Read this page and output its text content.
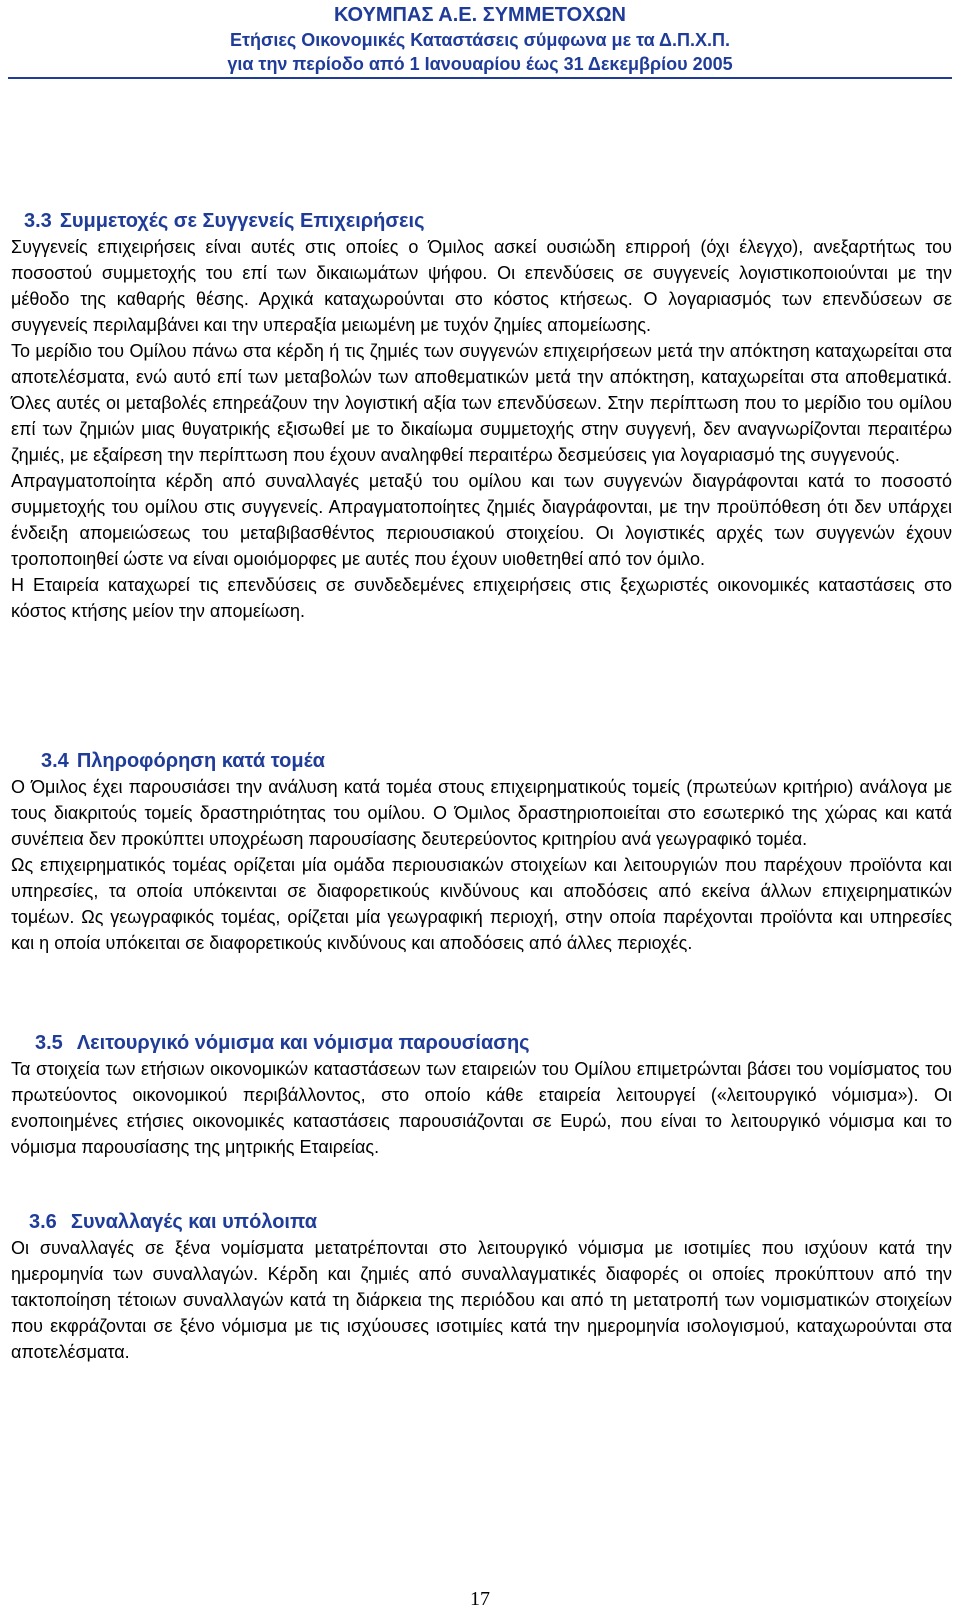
ΚΟΥΜΠΑΣ Α.Ε. ΣΥΜΜΕΤΟΧΩΝ
Ετήσιες Οικονομικές Καταστάσεις σύμφωνα με τα Δ.Π.Χ.Π.
για την περίοδο από 1 Ιανουαρίου έως 31 Δεκεμβρίου 2005
3.3 Συμμετοχές σε Συγγενείς Επιχειρήσεις

Συγγενείς επιχειρήσεις είναι αυτές στις οποίες ο Όμιλος ασκεί ουσιώδη επιρροή (όχι έλεγχο), ανεξαρτήτως του ποσοστού συμμετοχής του επί των δικαιωμάτων ψήφου. Οι επενδύσεις σε συγγενείς λογιστικοποιούνται με την μέθοδο της καθαρής θέσης. Αρχικά καταχωρούνται στο κόστος κτήσεως. Ο λογαριασμός των επενδύσεων σε συγγενείς περιλαμβάνει και την υπεραξία μειωμένη με τυχόν ζημίες απομείωσης.

Το μερίδιο του Ομίλου πάνω στα κέρδη ή τις ζημιές των συγγενών επιχειρήσεων μετά την απόκτηση καταχωρείται στα αποτελέσματα, ενώ αυτό επί των μεταβολών των αποθεματικών μετά την απόκτηση, καταχωρείται στα αποθεματικά. Όλες αυτές οι μεταβολές επηρεάζουν την λογιστική αξία των επενδύσεων. Στην περίπτωση που το μερίδιο του ομίλου επί των ζημιών μιας θυγατρικής εξισωθεί με το δικαίωμα συμμετοχής στην συγγενή, δεν αναγνωρίζονται περαιτέρω ζημιές, με εξαίρεση την περίπτωση που έχουν αναληφθεί περαιτέρω δεσμεύσεις για λογαριασμό της συγγενούς.

Απραγματοποίητα κέρδη από συναλλαγές μεταξύ του ομίλου και των συγγενών διαγράφονται κατά το ποσοστό συμμετοχής του ομίλου στις συγγενείς. Απραγματοποίητες ζημιές διαγράφονται, με την προϋπόθεση ότι δεν υπάρχει ένδειξη απομειώσεως του μεταβιβασθέντος περιουσιακού στοιχείου. Οι λογιστικές αρχές των συγγενών έχουν τροποποιηθεί ώστε να είναι ομοιόμορφες με αυτές που έχουν υιοθετηθεί από τον όμιλο.

Η Εταιρεία καταχωρεί τις επενδύσεις σε συνδεδεμένες επιχειρήσεις στις ξεχωριστές οικονομικές καταστάσεις στο κόστος κτήσης μείον την απομείωση.

3.4 Πληροφόρηση κατά τομέα

Ο Όμιλος έχει παρουσιάσει την ανάλυση κατά τομέα στους επιχειρηματικούς τομείς (πρωτεύων κριτήριο) ανάλογα με τους διακριτούς τομείς δραστηριότητας του ομίλου. Ο Όμιλος δραστηριοποιείται στο εσωτερικό της χώρας και κατά συνέπεια δεν προκύπτει υποχρέωση παρουσίασης δευτερεύοντος κριτηρίου ανά γεωγραφικό τομέα.

Ως επιχειρηματικός τομέας ορίζεται μία ομάδα περιουσιακών στοιχείων και λειτουργιών που παρέχουν προϊόντα και υπηρεσίες, τα οποία υπόκεινται σε διαφορετικούς κινδύνους και αποδόσεις από εκείνα άλλων επιχειρηματικών τομέων. Ως γεωγραφικός τομέας, ορίζεται μία γεωγραφική περιοχή, στην οποία παρέχονται προϊόντα και υπηρεσίες και η οποία υπόκειται σε διαφορετικούς κινδύνους και αποδόσεις από άλλες περιοχές.

3.5 Λειτουργικό νόμισμα και νόμισμα παρουσίασης

Τα στοιχεία των ετήσιων οικονομικών καταστάσεων των εταιρειών του Ομίλου επιμετρώνται βάσει του νομίσματος του πρωτεύοντος οικονομικού περιβάλλοντος, στο οποίο κάθε εταιρεία λειτουργεί («λειτουργικό νόμισμα»). Οι ενοποιημένες ετήσιες οικονομικές καταστάσεις παρουσιάζονται σε Ευρώ, που είναι το λειτουργικό νόμισμα και το νόμισμα παρουσίασης της μητρικής Εταιρείας.

3.6 Συναλλαγές και υπόλοιπα

Οι συναλλαγές σε ξένα νομίσματα μετατρέπονται στο λειτουργικό νόμισμα με ισοτιμίες που ισχύουν κατά την ημερομηνία των συναλλαγών. Κέρδη και ζημιές από συναλλαγματικές διαφορές οι οποίες προκύπτουν από την τακτοποίηση τέτοιων συναλλαγών κατά τη διάρκεια της περιόδου και από τη μετατροπή των νομισματικών στοιχείων που εκφράζονται σε ξένο νόμισμα με τις ισχύουσες ισοτιμίες κατά την ημερομηνία ισολογισμού, καταχωρούνται στα αποτελέσματα.

17
